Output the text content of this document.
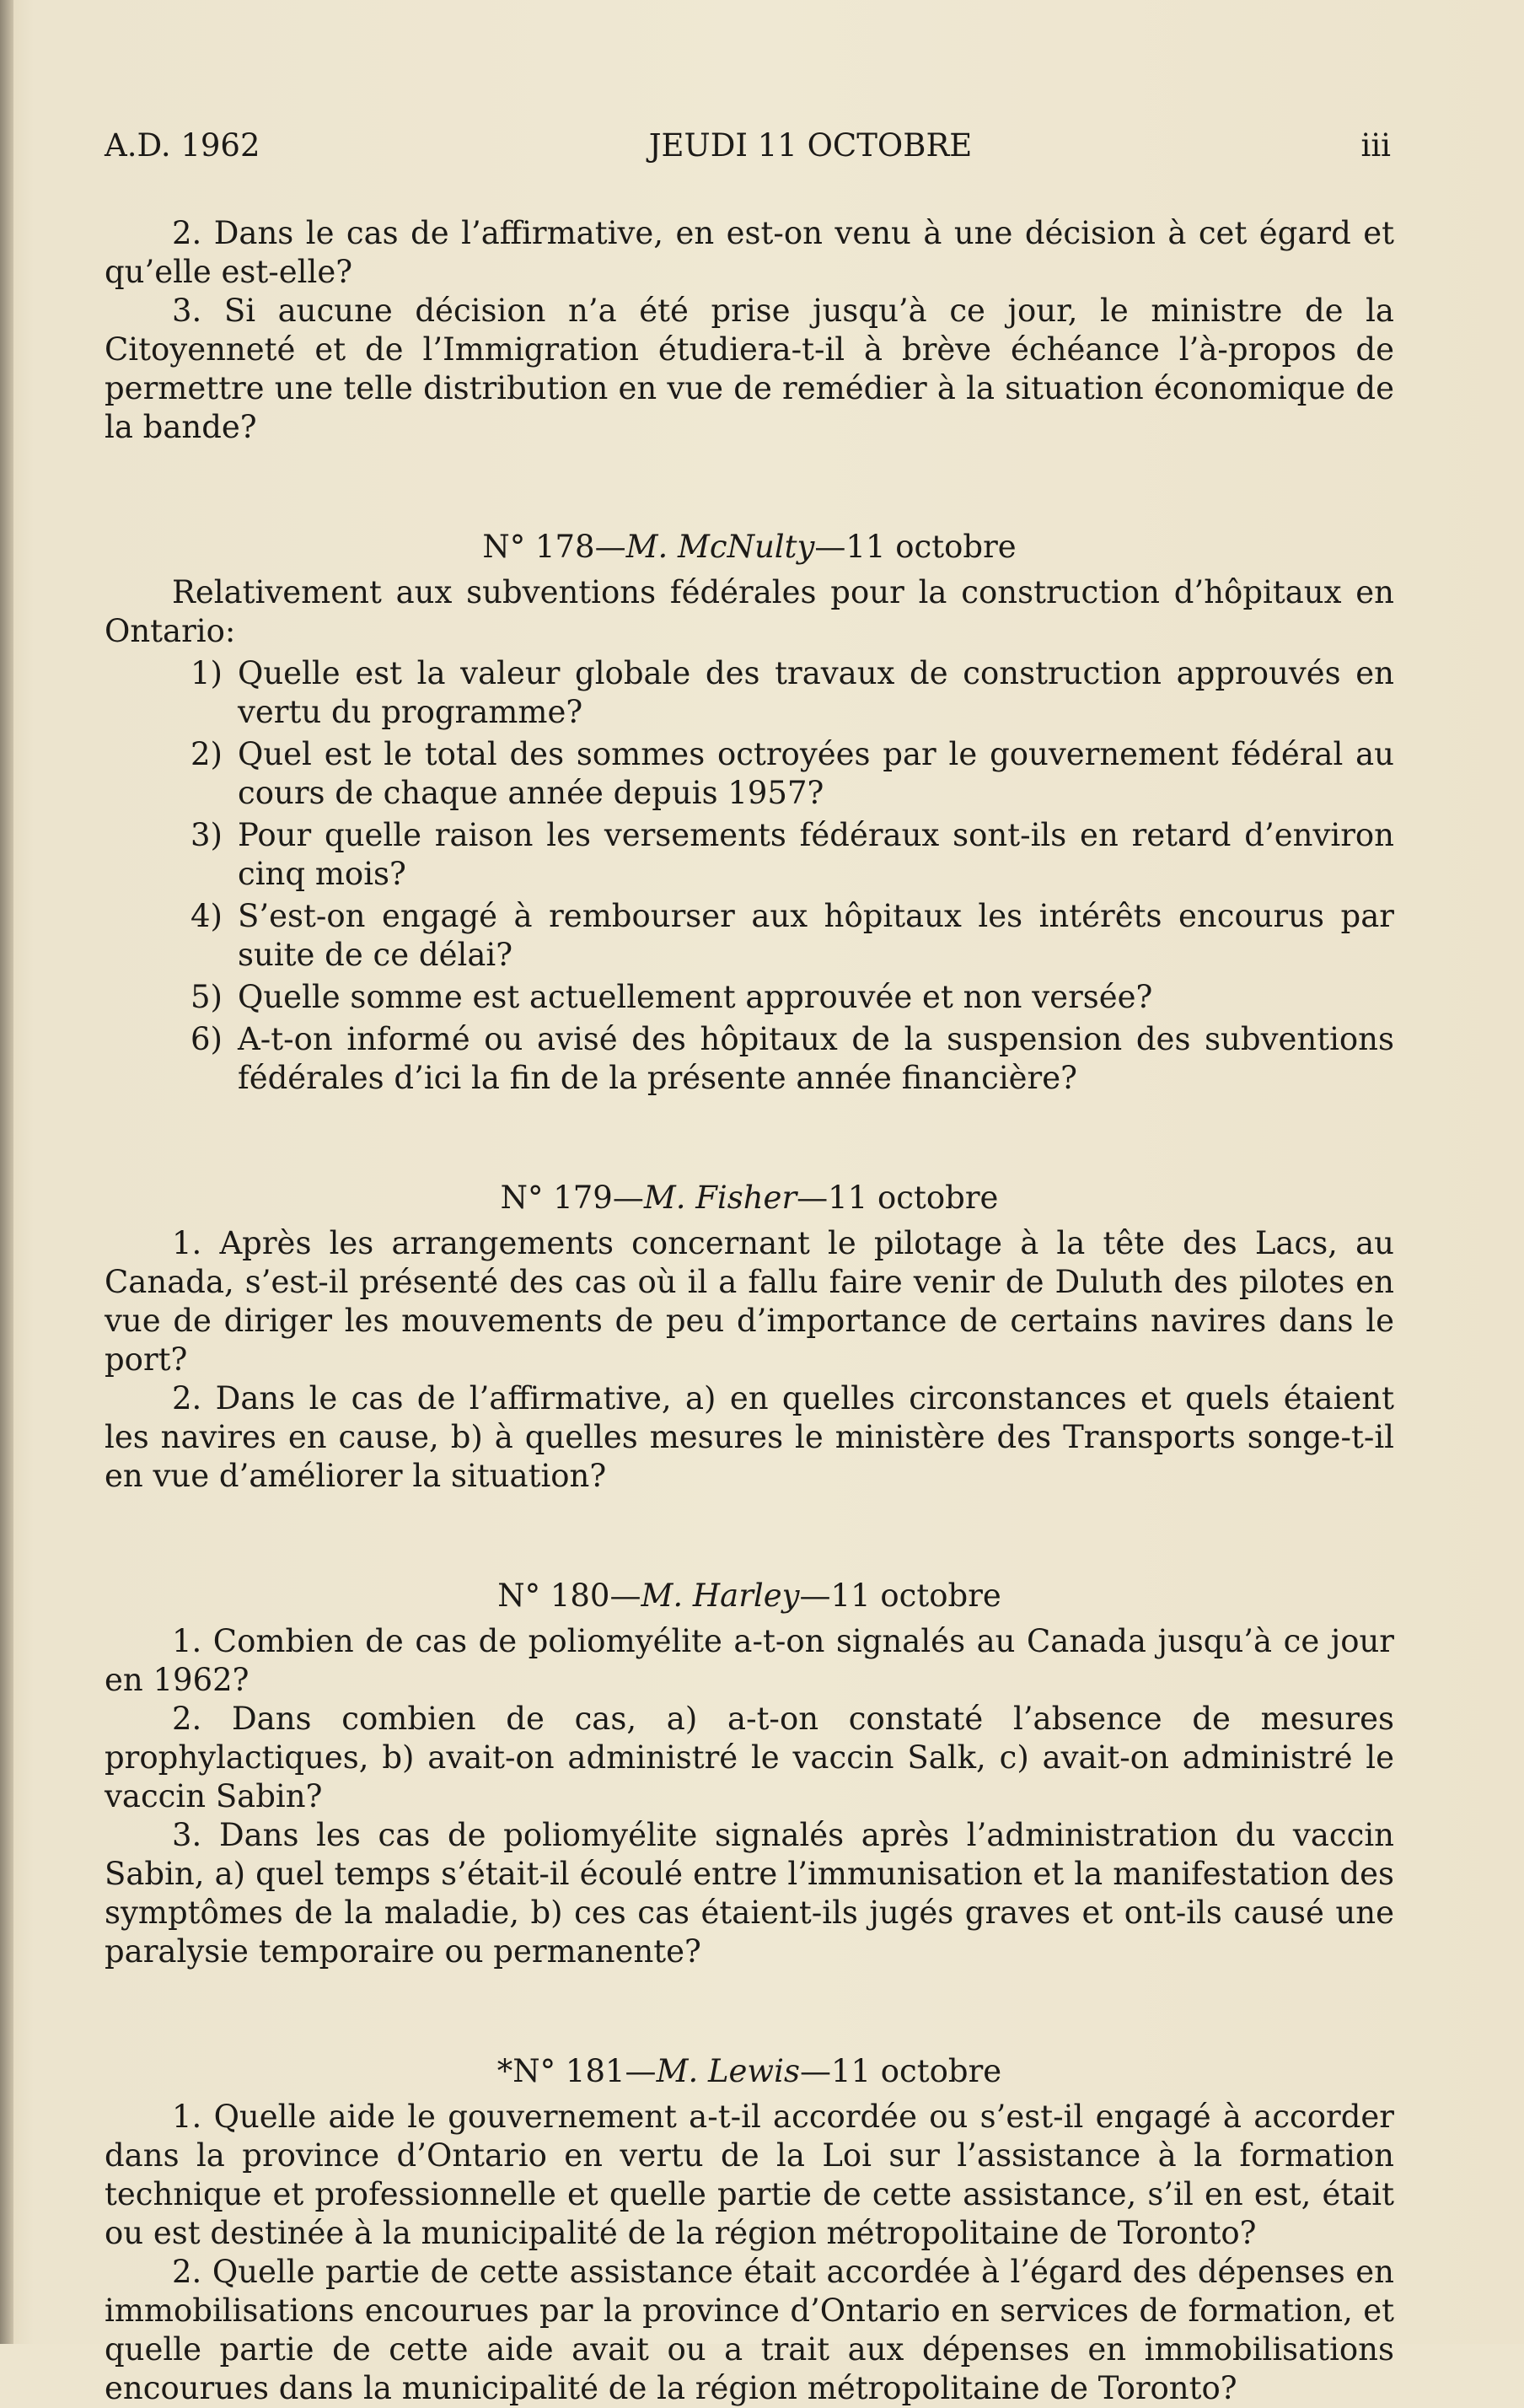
A.D. 1962	JEUDI 11 OCTOBRE	iii

2. Dans le cas de l’affirmative, en est-on venu à une décision à cet égard et qu’elle est-elle?

3. Si aucune décision n’a été prise jusqu’à ce jour, le ministre de la Citoyenneté et de l’Immigration étudiera-t-il à brève échéance l’à-propos de permettre une telle distribution en vue de remédier à la situation économique de la bande?

N° 178—M. McNulty—11 octobre

Relativement aux subventions fédérales pour la construction d’hôpitaux en Ontario:

1) Quelle est la valeur globale des travaux de construction approuvés en vertu du programme?
2) Quel est le total des sommes octroyées par le gouvernement fédéral au cours de chaque année depuis 1957?
3) Pour quelle raison les versements fédéraux sont-ils en retard d’environ cinq mois?
4) S’est-on engagé à rembourser aux hôpitaux les intérêts encourus par suite de ce délai?
5) Quelle somme est actuellement approuvée et non versée?
6) A-t-on informé ou avisé des hôpitaux de la suspension des subventions fédérales d’ici la fin de la présente année financière?
N° 179—M. Fisher—11 octobre

1. Après les arrangements concernant le pilotage à la tête des Lacs, au Canada, s’est-il présenté des cas où il a fallu faire venir de Duluth des pilotes en vue de diriger les mouvements de peu d’importance de certains navires dans le port?

2. Dans le cas de l’affirmative, a) en quelles circonstances et quels étaient les navires en cause, b) à quelles mesures le ministère des Transports songe-t-il en vue d’améliorer la situation?

N° 180—M. Harley—11 octobre

1. Combien de cas de poliomyélite a-t-on signalés au Canada jusqu’à ce jour en 1962?

2. Dans combien de cas, a) a-t-on constaté l’absence de mesures prophylactiques, b) avait-on administré le vaccin Salk, c) avait-on administré le vaccin Sabin?

3. Dans les cas de poliomyélite signalés après l’administration du vaccin Sabin, a) quel temps s’était-il écoulé entre l’immunisation et la manifestation des symptômes de la maladie, b) ces cas étaient-ils jugés graves et ont-ils causé une paralysie temporaire ou permanente?

*N° 181—M. Lewis—11 octobre

1. Quelle aide le gouvernement a-t-il accordée ou s’est-il engagé à accorder dans la province d’Ontario en vertu de la Loi sur l’assistance à la formation technique et professionnelle et quelle partie de cette assistance, s’il en est, était ou est destinée à la municipalité de la région métropolitaine de Toronto?

2. Quelle partie de cette assistance était accordée à l’égard des dépenses en immobilisations encourues par la province d’Ontario en services de formation, et quelle partie de cette aide avait ou a trait aux dépenses en immobilisations encourues dans la municipalité de la région métropolitaine de Toronto?
